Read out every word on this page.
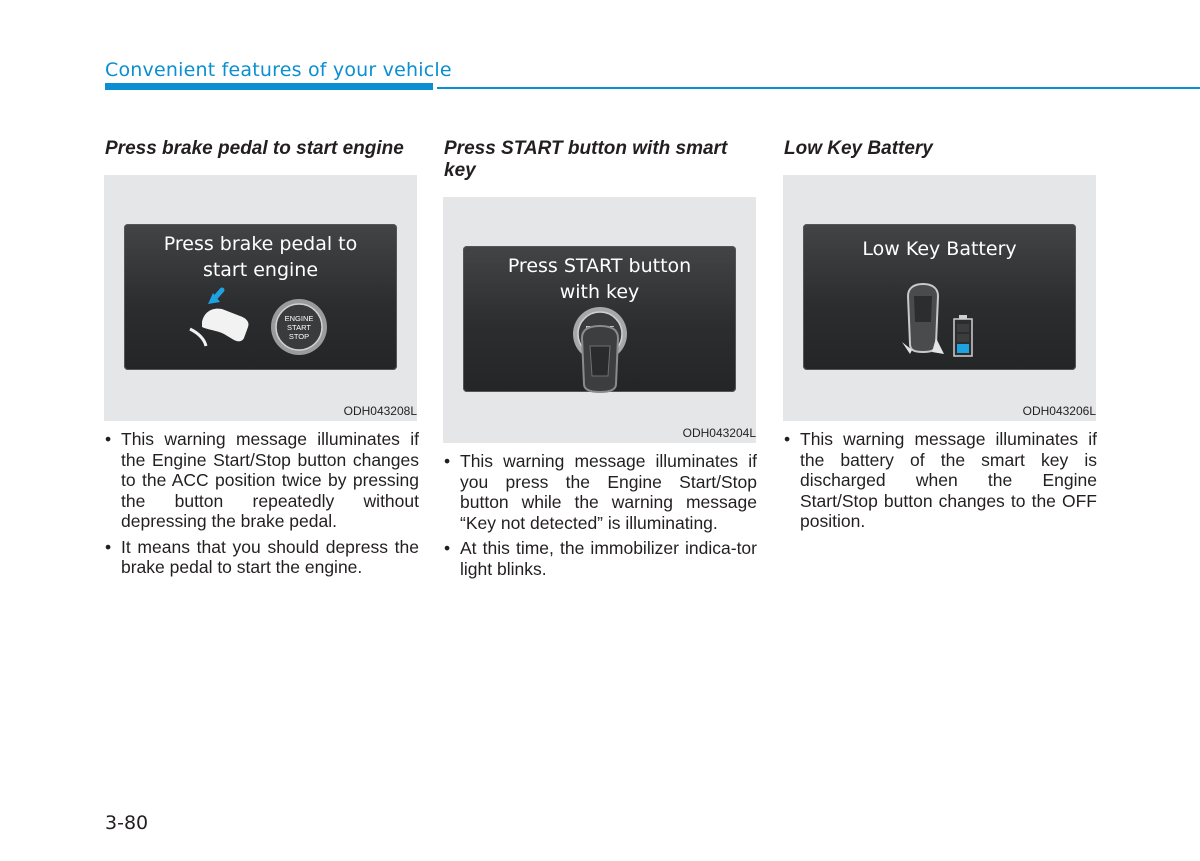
Convenient features of your vehicle
Press brake pedal to start engine
Press brake pedal to
start engine
ENGINE
START
STOP
ODH043208L
• This warning message illuminates if the Engine Start/Stop button changes to the ACC position twice by pressing the button repeatedly without depressing the brake pedal.
• It means that you should depress the brake pedal to start the engine.
Press START button with smart key
Press START button
with key
ODH043204L
• This warning message illuminates if you press the Engine Start/Stop button while the warning message “Key not detected” is illuminating.
• At this time, the immobilizer indica-tor light blinks.
Low Key Battery
Low Key Battery
ODH043206L
• This warning message illuminates if the battery of the smart key is discharged when the Engine Start/Stop button changes to the OFF position.
3-80
